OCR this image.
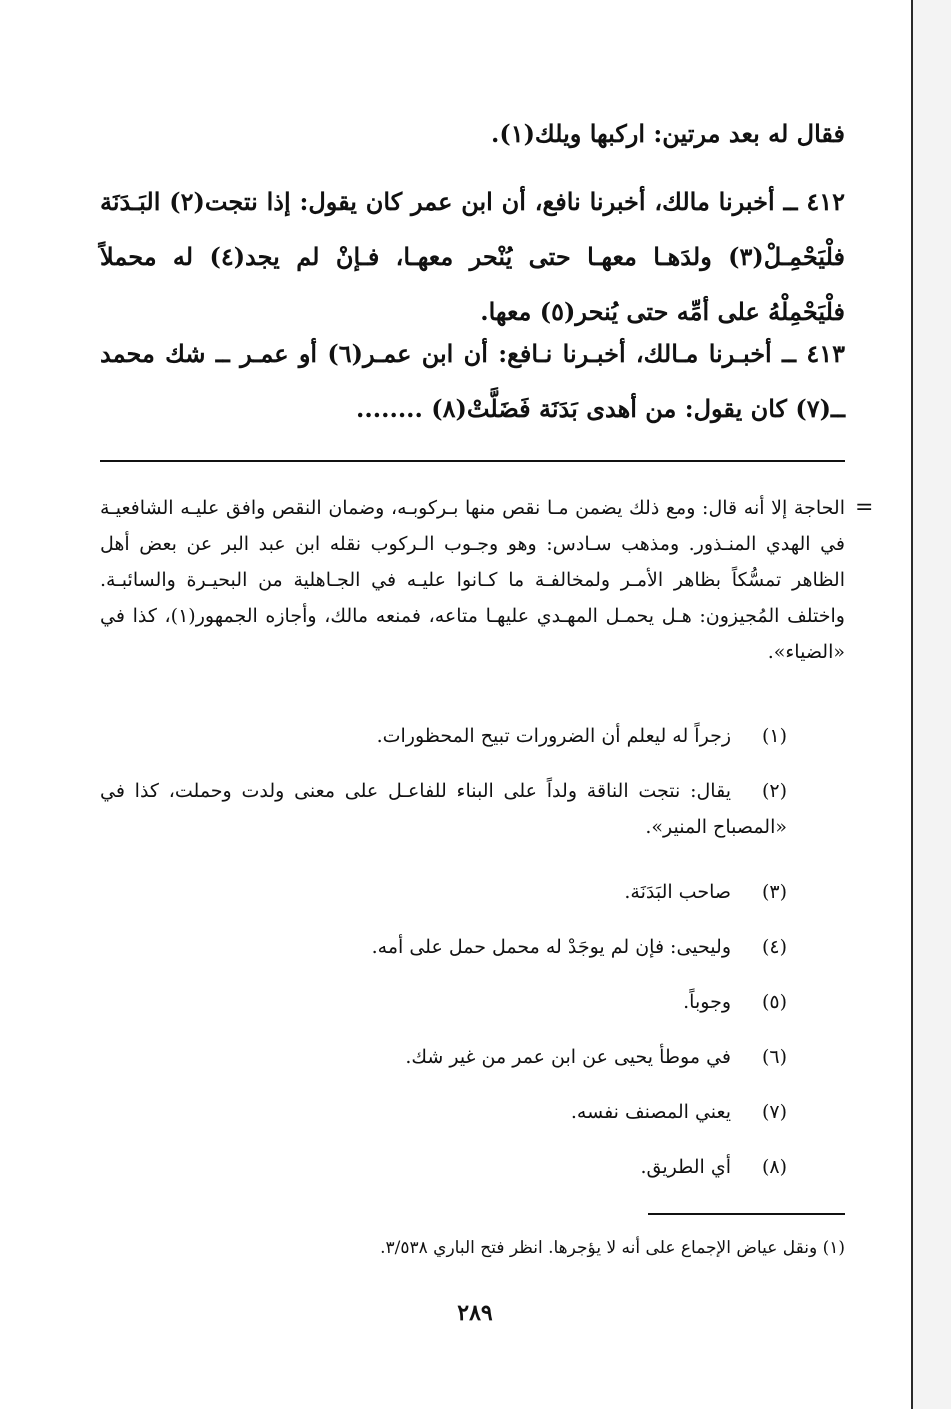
فقال له بعد مرتين: اركبها ويلك(١).

٤١٢ ــ أخبرنا مالك، أخبرنا نافع، أن ابن عمر كان يقول: إذا نتجت(٢) البَـدَنَة فلْيَحْمِـلْ(٣) ولدَهـا معهـا حتى يُنْحر معهـا، فـإنْ لم يجد(٤) له محملاً فلْيَحْمِلْهُ على أمِّه حتى يُنحر(٥) معها.

٤١٣ ــ أخبـرنا مـالك، أخبـرنا نـافع: أن ابن عمـر(٦) أو عمـر ــ شك محمد ــ(٧) كان يقول: من أهدى بَدَنَة فَضَلَّتْ(٨) ........

=

الحاجة إلا أنه قال: ومع ذلك يضمن مـا نقص منها بـركوبـه، وضمان النقص وافق عليـه الشافعيـة في الهدي المنـذور. ومذهب سـادس: وهو وجـوب الـركوب نقله ابن عبد البر عن بعض أهل الظاهر تمسُّكاً بظاهر الأمـر ولمخالفـة ما كـانوا عليـه في الجـاهلية من البحيـرة والسائبـة. واختلف المُجيزون: هـل يحمـل المهـدي عليهـا متاعه، فمنعه مالك، وأجازه الجمهور(١)، كذا في «الضياء».

(١)زجراً له ليعلم أن الضرورات تبيح المحظورات.

(٢)يقال: نتجت الناقة ولداً على البناء للفاعـل على معنى ولدت وحملت، كذا في «المصباح المنير».

(٣)صاحب البَدَنَة.

(٤)وليحيى: فإن لم يوجَدْ له محمل حمل على أمه.

(٥)وجوباً.

(٦)في موطأ يحيى عن ابن عمر من غير شك.

(٧)يعني المصنف نفسه.

(٨)أي الطريق.

(١) ونقل عياض الإجماع على أنه لا يؤجرها. انظر فتح الباري ٣/٥٣٨.

٢٨٩
